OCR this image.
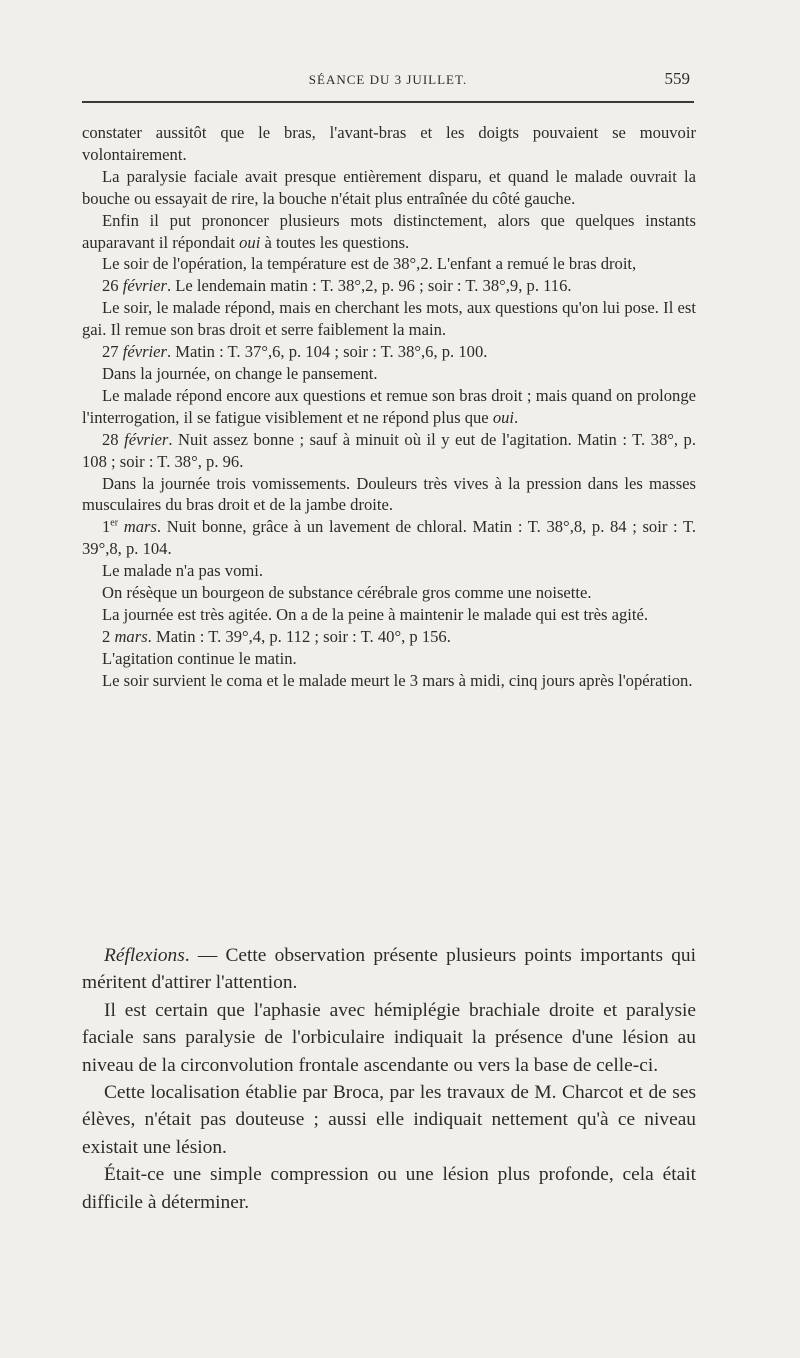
SÉANCE DU 3 JUILLET.	559

constater aussitôt que le bras, l'avant-bras et les doigts pouvaient se mouvoir volontairement.

La paralysie faciale avait presque entièrement disparu, et quand le malade ouvrait la bouche ou essayait de rire, la bouche n'était plus entraînée du côté gauche.

Enfin il put prononcer plusieurs mots distinctement, alors que quelques instants auparavant il répondait oui à toutes les questions.

Le soir de l'opération, la température est de 38°,2. L'enfant a remué le bras droit,

26 février. Le lendemain matin : T. 38°,2, p. 96 ; soir : T. 38°,9, p. 116.

Le soir, le malade répond, mais en cherchant les mots, aux questions qu'on lui pose. Il est gai. Il remue son bras droit et serre faiblement la main.

27 février. Matin : T. 37°,6, p. 104 ; soir : T. 38°,6, p. 100.

Dans la journée, on change le pansement.

Le malade répond encore aux questions et remue son bras droit ; mais quand on prolonge l'interrogation, il se fatigue visiblement et ne répond plus que oui.

28 février. Nuit assez bonne ; sauf à minuit où il y eut de l'agitation. Matin : T. 38°, p. 108 ; soir : T. 38°, p. 96.

Dans la journée trois vomissements. Douleurs très vives à la pression dans les masses musculaires du bras droit et de la jambe droite.

1er mars. Nuit bonne, grâce à un lavement de chloral. Matin : T. 38°,8, p. 84 ; soir : T. 39°,8, p. 104.

Le malade n'a pas vomi.

On résèque un bourgeon de substance cérébrale gros comme une noisette.

La journée est très agitée. On a de la peine à maintenir le malade qui est très agité.

2 mars. Matin : T. 39°,4, p. 112 ; soir : T. 40°, p 156.

L'agitation continue le matin.

Le soir survient le coma et le malade meurt le 3 mars à midi, cinq jours après l'opération.

Réflexions. — Cette observation présente plusieurs points importants qui méritent d'attirer l'attention.

Il est certain que l'aphasie avec hémiplégie brachiale droite et paralysie faciale sans paralysie de l'orbiculaire indiquait la présence d'une lésion au niveau de la circonvolution frontale ascendante ou vers la base de celle-ci.

Cette localisation établie par Broca, par les travaux de M. Charcot et de ses élèves, n'était pas douteuse ; aussi elle indiquait nettement qu'à ce niveau existait une lésion.

Était-ce une simple compression ou une lésion plus profonde, cela était difficile à déterminer.
